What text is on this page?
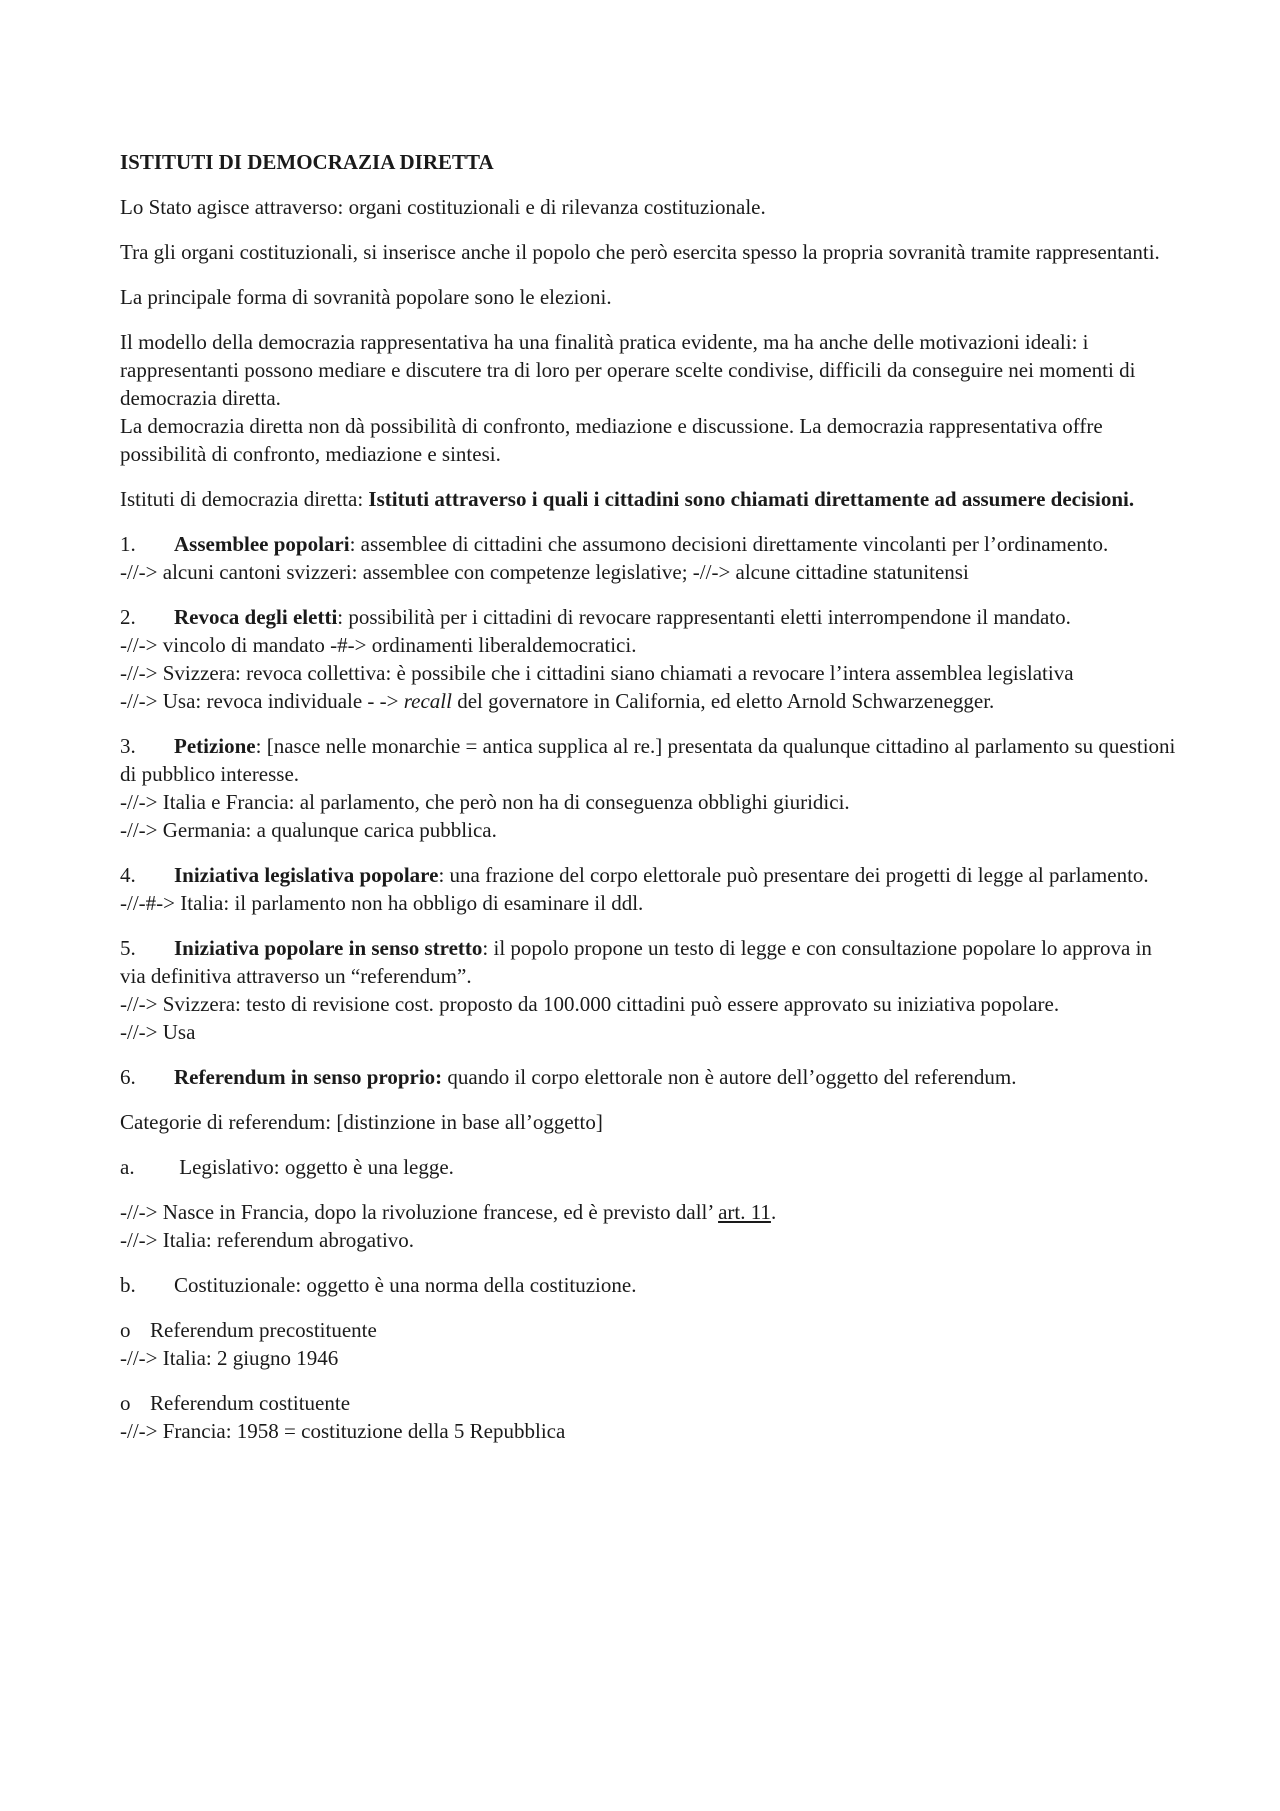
ISTITUTI DI DEMOCRAZIA DIRETTA

Lo Stato agisce attraverso: organi costituzionali e di rilevanza costituzionale.

Tra gli organi costituzionali, si inserisce anche il popolo che però esercita spesso la propria sovranità tramite rappresentanti.

La principale forma di sovranità popolare sono le elezioni.

Il modello della democrazia rappresentativa ha una finalità pratica evidente, ma ha anche delle motivazioni ideali: i rappresentanti possono mediare e discutere tra di loro per operare scelte condivise, difficili da conseguire nei momenti di democrazia diretta.
La democrazia diretta non dà possibilità di confronto, mediazione e discussione. La democrazia rappresentativa offre possibilità di confronto, mediazione e sintesi.

Istituti di democrazia diretta: Istituti attraverso i quali i cittadini sono chiamati direttamente ad assumere decisioni.

1. Assemblee popolari: assemblee di cittadini che assumono decisioni direttamente vincolanti per l’ordinamento.
-//-> alcuni cantoni svizzeri: assemblee con competenze legislative; -//-> alcune cittadine statunitensi

2. Revoca degli eletti: possibilità per i cittadini di revocare rappresentanti eletti interrompendone il mandato.
-//-> vincolo di mandato -#-> ordinamenti liberaldemocratici.
-//-> Svizzera: revoca collettiva: è possibile che i cittadini siano chiamati a revocare l’intera assemblea legislativa
-//-> Usa: revoca individuale - -> recall del governatore in California, ed eletto Arnold Schwarzenegger.

3. Petizione: [nasce nelle monarchie = antica supplica al re.] presentata da qualunque cittadino al parlamento su questioni di pubblico interesse.
-//-> Italia e Francia: al parlamento, che però non ha di conseguenza obblighi giuridici.
-//-> Germania: a qualunque carica pubblica.

4. Iniziativa legislativa popolare: una frazione del corpo elettorale può presentare dei progetti di legge al parlamento.
-//-#-> Italia: il parlamento non ha obbligo di esaminare il ddl.

5. Iniziativa popolare in senso stretto: il popolo propone un testo di legge e con consultazione popolare lo approva in via definitiva attraverso un “referendum”.
-//-> Svizzera: testo di revisione cost. proposto da 100.000 cittadini può essere approvato su iniziativa popolare.
-//-> Usa

6. Referendum in senso proprio: quando il corpo elettorale non è autore dell’oggetto del referendum.

Categorie di referendum: [distinzione in base all’oggetto]

a. Legislativo: oggetto è una legge.

-//-> Nasce in Francia, dopo la rivoluzione francese, ed è previsto dall’ art. 11.
-//-> Italia: referendum abrogativo.

b. Costituzionale: oggetto è una norma della costituzione.

o Referendum precostituente
-//-> Italia: 2 giugno 1946

o Referendum costituente
-//-> Francia: 1958 = costituzione della 5 Repubblica
